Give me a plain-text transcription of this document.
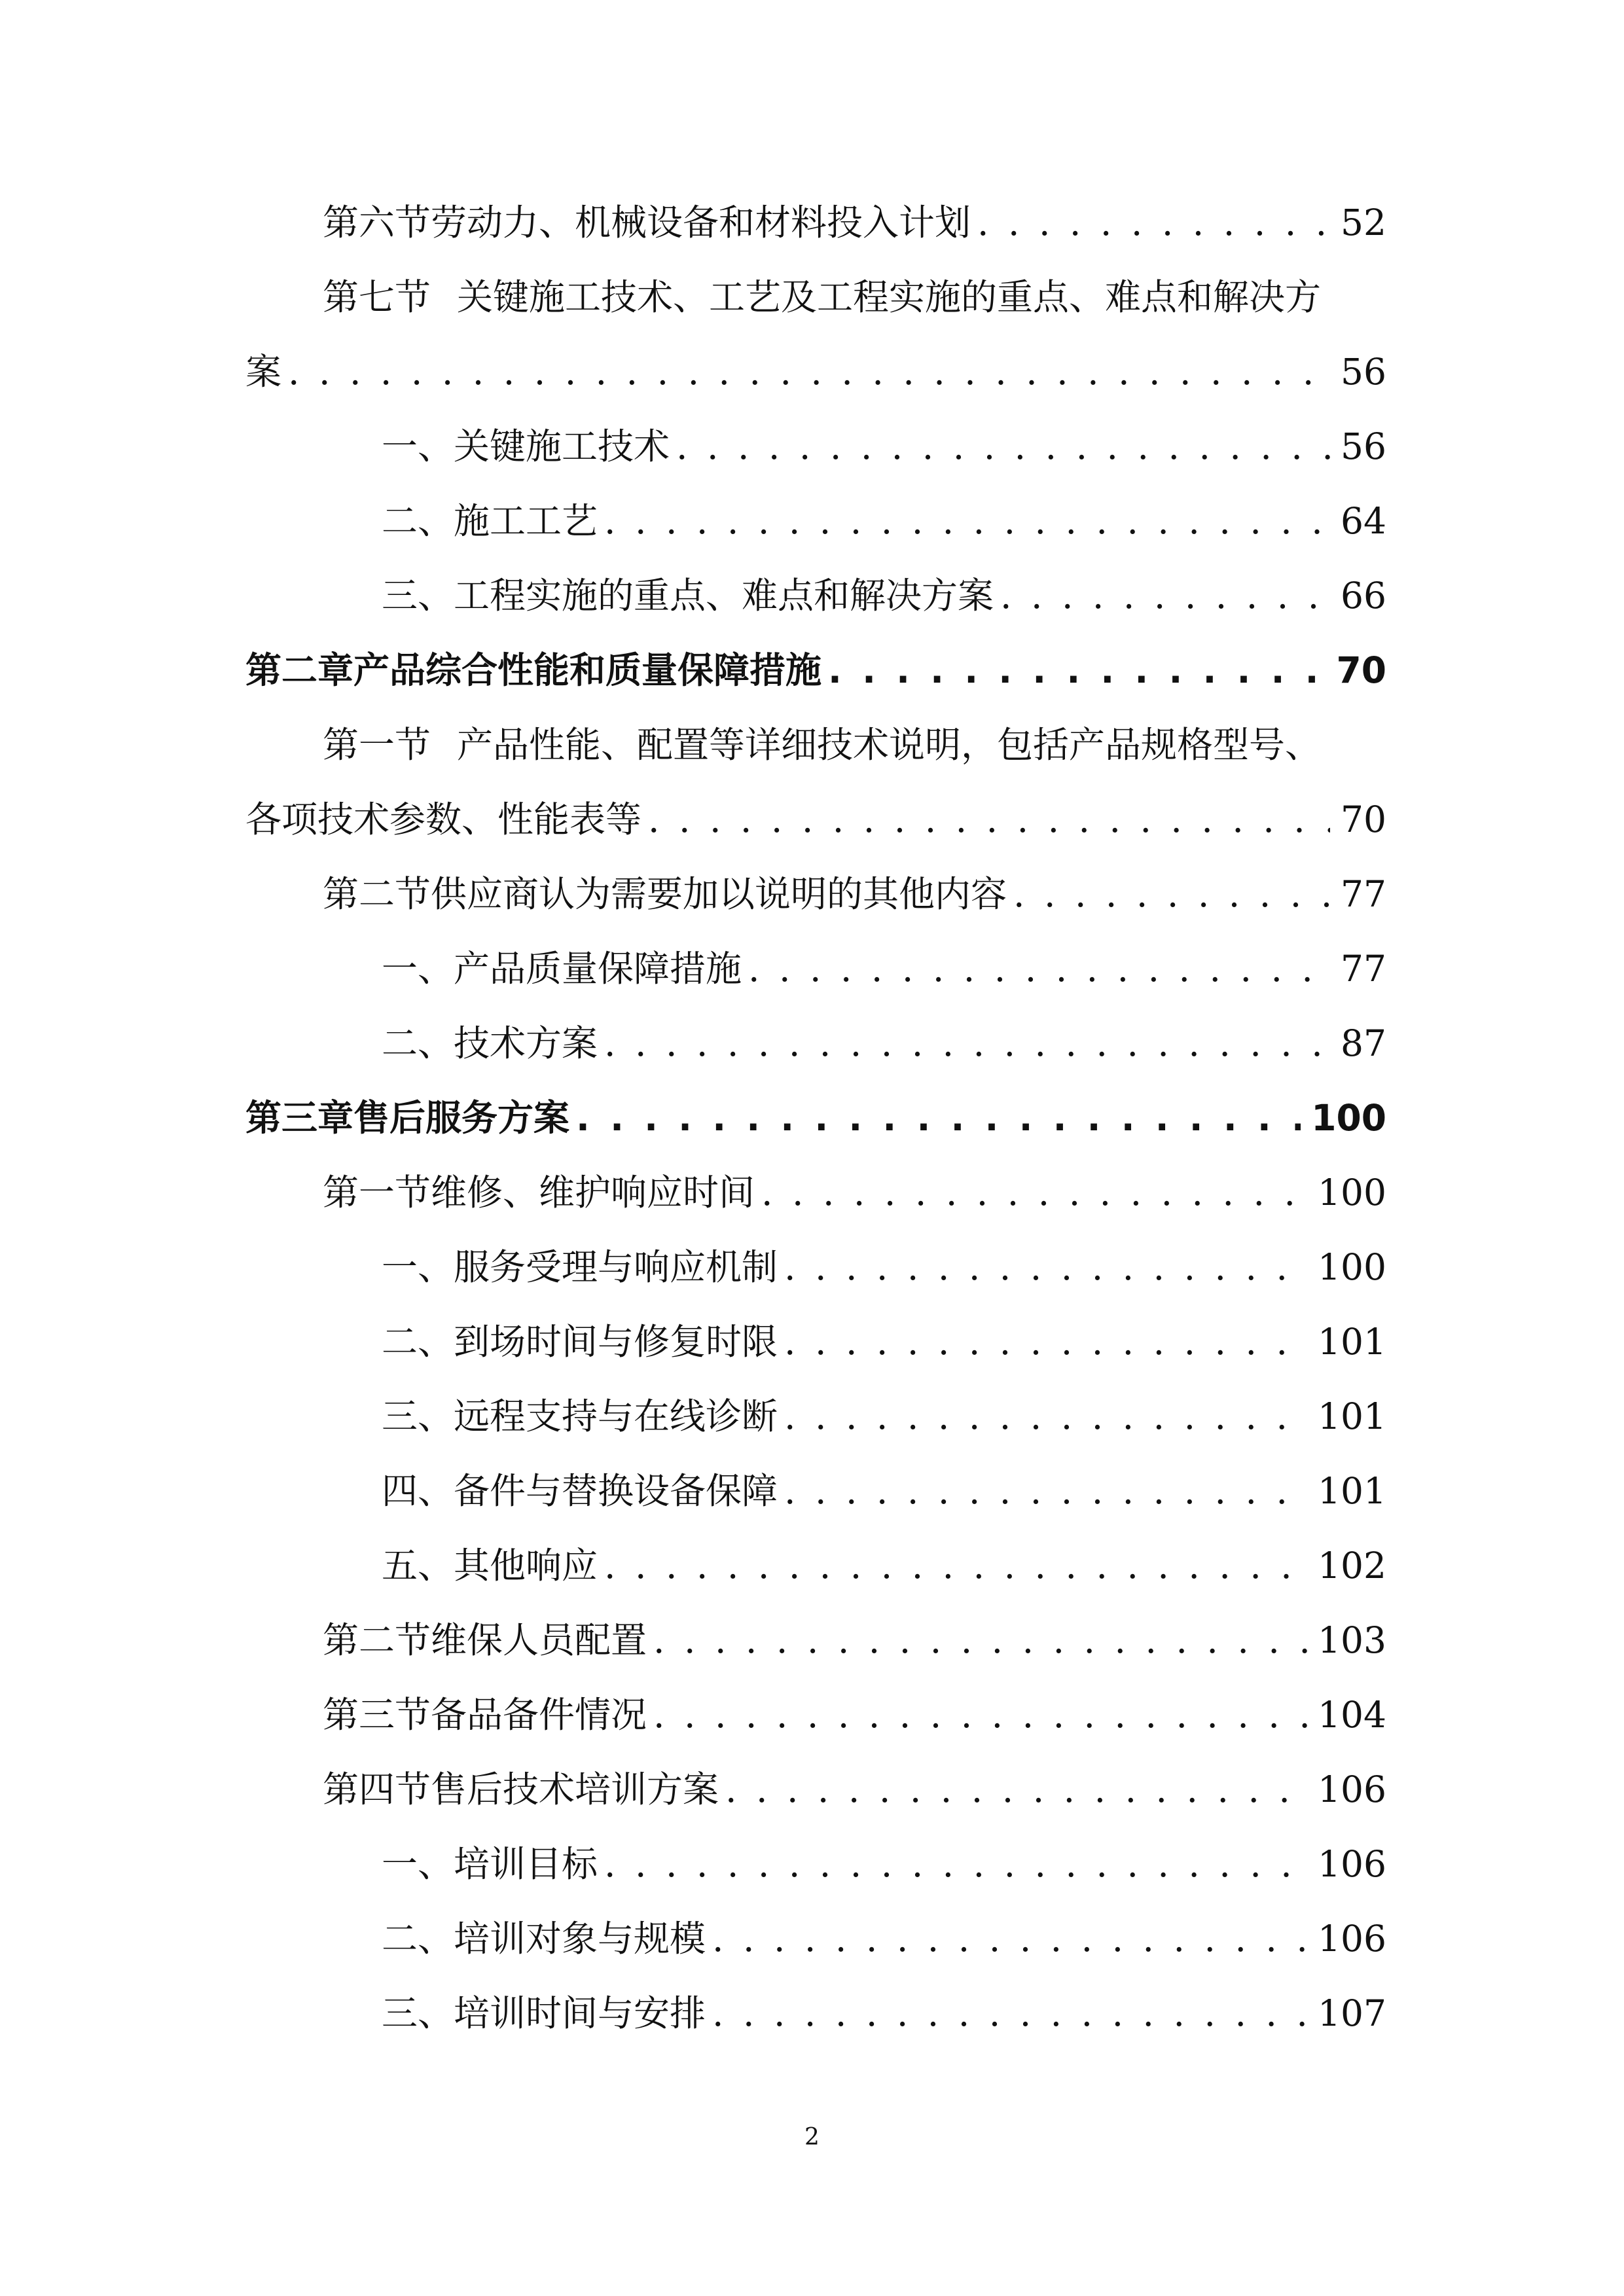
第六节 劳动力、机械设备和材料投入计划 . . .	52
第七节 关键施工技术、工艺及工程实施的重点、难点和解决方
案 . . .	56
一、 关键施工技术 . . .	56
二、 施工工艺 . . .	64
三、 工程实施的重点、难点和解决方案 . . .	66
第二章 产品综合性能和质量保障措施 . . .	70
第一节 产品性能、配置等详细技术说明，包括产品规格型号、
各项技术参数、性能表等 . . .	70
第二节 供应商认为需要加以说明的其他内容 . . .	77
一、 产品质量保障措施 . . .	77
二、 技术方案 . . .	87
第三章 售后服务方案 . . .	100
第一节 维修、维护响应时间 . . .	100
一、 服务受理与响应机制 . . .	100
二、 到场时间与修复时限 . . .	101
三、 远程支持与在线诊断 . . .	101
四、 备件与替换设备保障 . . .	101
五、 其他响应 . . .	102
第二节 维保人员配置 . . .	103
第三节 备品备件情况 . . .	104
第四节 售后技术培训方案 . . .	106
一、 培训目标 . . .	106
二、 培训对象与规模 . . .	106
三、 培训时间与安排 . . .	107
2
